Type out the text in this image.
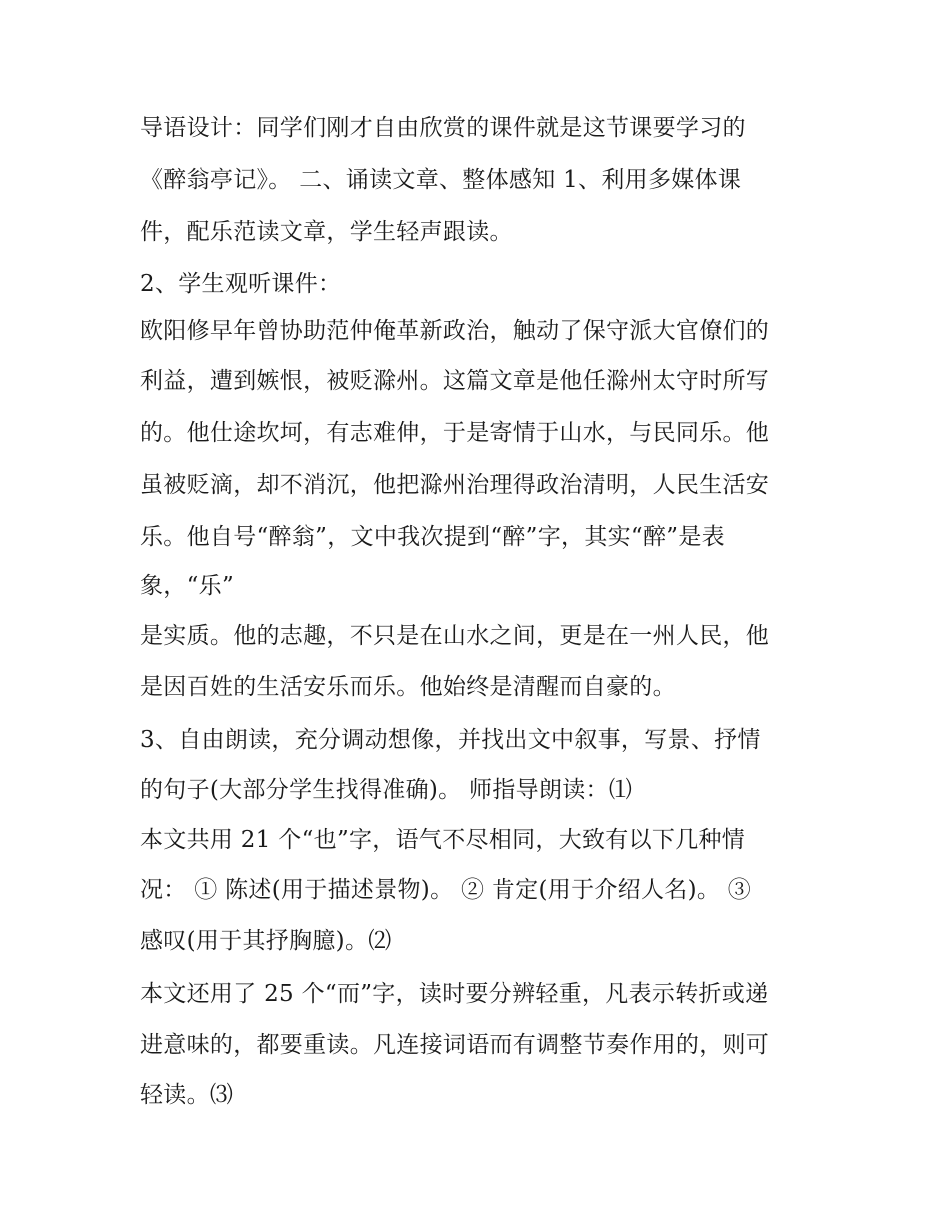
导语设计：同学们刚才自由欣赏的课件就是这节课要学习的
《醉翁亭记》。 二、诵读文章、整体感知 1、利用多媒体课
件，配乐范读文章，学生轻声跟读。
2、学生观听课件：
欧阳修早年曾协助范仲俺革新政治，触动了保守派大官僚们的
利益，遭到嫉恨，被贬滁州。这篇文章是他任滁州太守时所写
的。他仕途坎坷，有志难伸，于是寄情于山水，与民同乐。他
虽被贬滴，却不消沉，他把滁州治理得政治清明，人民生活安
乐。他自号“醉翁”，文中我次提到“醉”字，其实“醉”是表
象，“乐”
是实质。他的志趣，不只是在山水之间，更是在一州人民，他
是因百姓的生活安乐而乐。他始终是清醒而自豪的。
3、自由朗读，充分调动想像，并找出文中叙事，写景、抒情
的句子(大部分学生找得准确)。 师指导朗读：⑴
本文共用 21 个“也”字，语气不尽相同，大致有以下几种情
况： ① 陈述(用于描述景物)。 ② 肯定(用于介绍人名)。 ③
感叹(用于其抒胸臆)。⑵
本文还用了 25 个“而”字，读时要分辨轻重，凡表示转折或递
进意味的，都要重读。凡连接词语而有调整节奏作用的，则可
轻读。⑶
